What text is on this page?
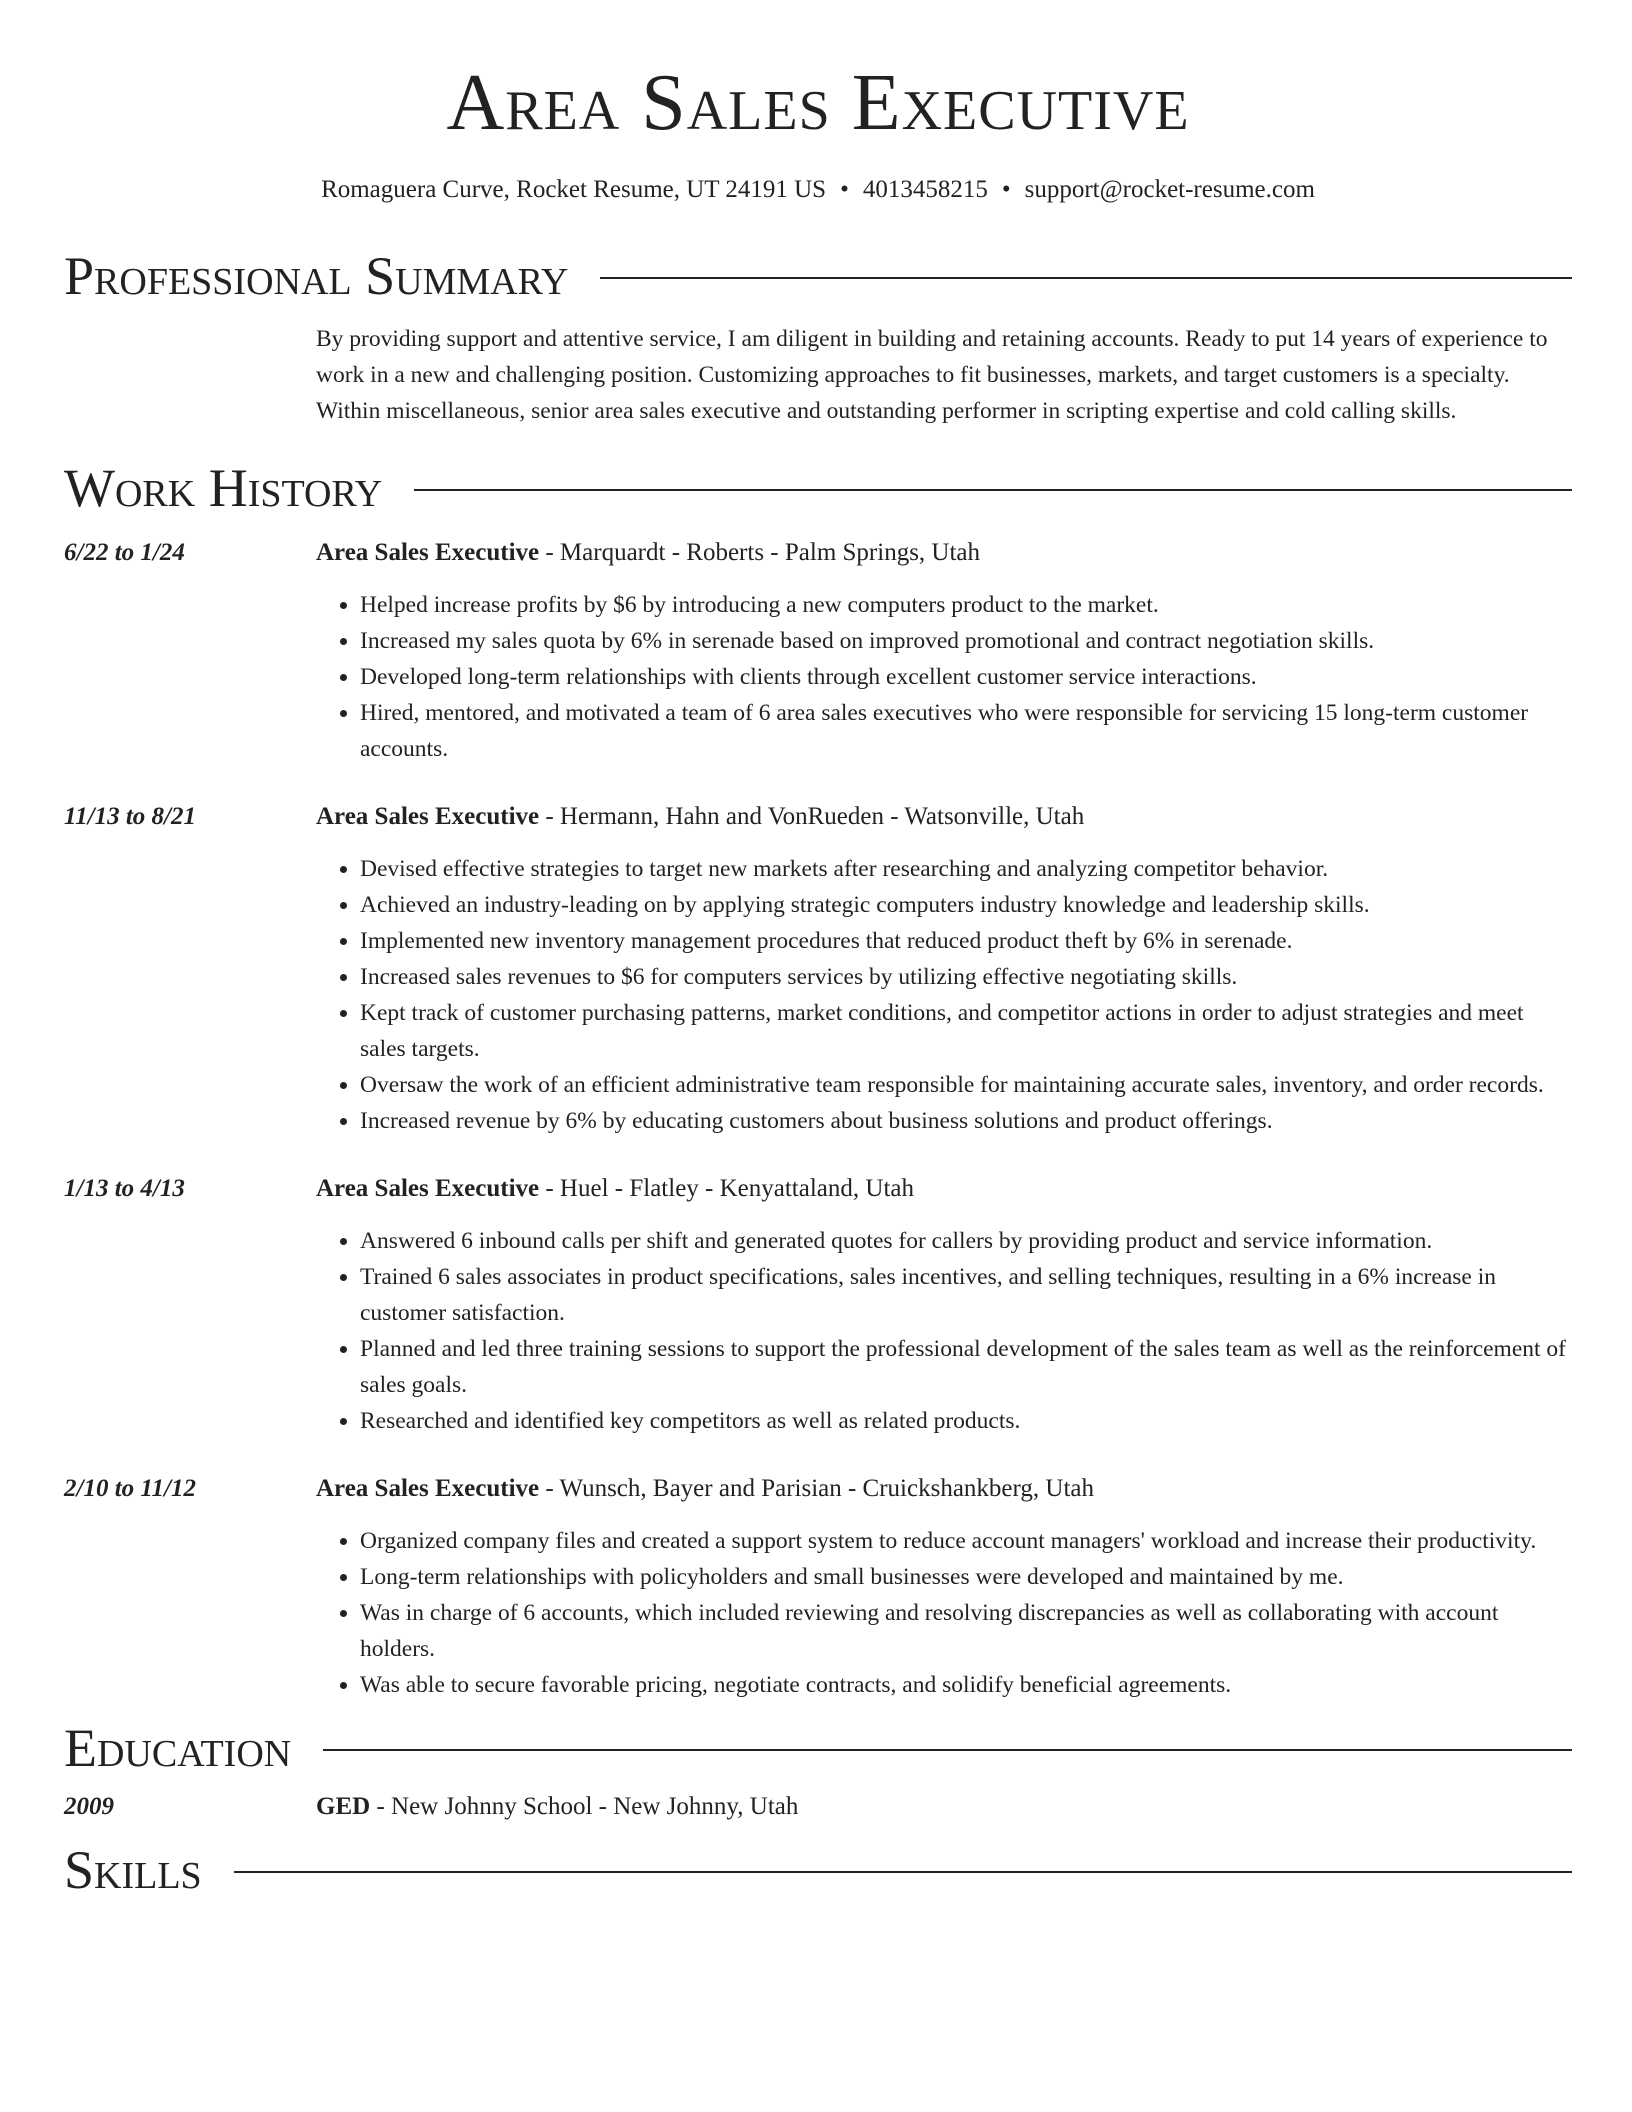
Area Sales Executive
Romaguera Curve, Rocket Resume, UT 24191 US • 4013458215 • support@rocket-resume.com
Professional Summary

By providing support and attentive service, I am diligent in building and retaining accounts. Ready to put 14 years of experience to work in a new and challenging position. Customizing approaches to fit businesses, markets, and target customers is a specialty. Within miscellaneous, senior area sales executive and outstanding performer in scripting expertise and cold calling skills.

Work History
6/22 to 1/24	Area Sales Executive - Marquardt - Roberts - Palm Springs, Utah
• Helped increase profits by $6 by introducing a new computers product to the market.
• Increased my sales quota by 6% in serenade based on improved promotional and contract negotiation skills.
• Developed long-term relationships with clients through excellent customer service interactions.
• Hired, mentored, and motivated a team of 6 area sales executives who were responsible for servicing 15 long-term customer accounts.
11/13 to 8/21	Area Sales Executive - Hermann, Hahn and VonRueden - Watsonville, Utah
• Devised effective strategies to target new markets after researching and analyzing competitor behavior.
• Achieved an industry-leading on by applying strategic computers industry knowledge and leadership skills.
• Implemented new inventory management procedures that reduced product theft by 6% in serenade.
• Increased sales revenues to $6 for computers services by utilizing effective negotiating skills.
• Kept track of customer purchasing patterns, market conditions, and competitor actions in order to adjust strategies and meet sales targets.
• Oversaw the work of an efficient administrative team responsible for maintaining accurate sales, inventory, and order records.
• Increased revenue by 6% by educating customers about business solutions and product offerings.
1/13 to 4/13	Area Sales Executive - Huel - Flatley - Kenyattaland, Utah
• Answered 6 inbound calls per shift and generated quotes for callers by providing product and service information.
• Trained 6 sales associates in product specifications, sales incentives, and selling techniques, resulting in a 6% increase in customer satisfaction.
• Planned and led three training sessions to support the professional development of the sales team as well as the reinforcement of sales goals.
• Researched and identified key competitors as well as related products.
2/10 to 11/12	Area Sales Executive - Wunsch, Bayer and Parisian - Cruickshankberg, Utah
• Organized company files and created a support system to reduce account managers' workload and increase their productivity.
• Long-term relationships with policyholders and small businesses were developed and maintained by me.
• Was in charge of 6 accounts, which included reviewing and resolving discrepancies as well as collaborating with account holders.
• Was able to secure favorable pricing, negotiate contracts, and solidify beneficial agreements.
Education
2009	GED - New Johnny School - New Johnny, Utah
Skills
